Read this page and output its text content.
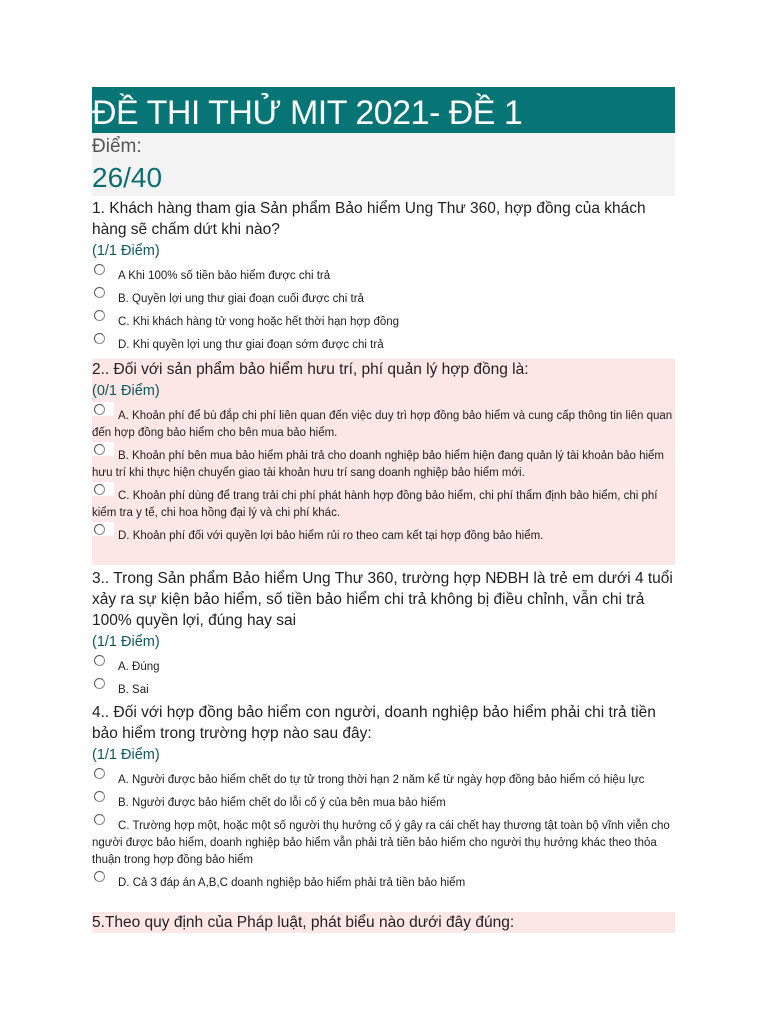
ĐỀ THI THỬ MIT 2021- ĐỀ 1
Điểm:
26/40
1. Khách hàng tham gia Sản phẩm Bảo hiểm Ung Thư 360, hợp đồng của khách hàng sẽ chấm dứt khi nào?
(1/1 Điểm)
A Khi 100% số tiền bảo hiểm được chi trả
B. Quyền lợi ung thư giai đoạn cuối được chi trả
C. Khi khách hàng tử vong hoặc hết thời hạn hợp đồng
D. Khi quyền lợi ung thư giai đoạn sớm được chi trả
2.. Đối với sản phẩm bảo hiểm hưu trí, phí quản lý hợp đồng là:
(0/1 Điểm)
A. Khoản phí để bù đắp chi phí liên quan đến việc duy trì hợp đồng bảo hiểm và cung cấp thông tin liên quan đến hợp đồng bảo hiểm cho bên mua bảo hiểm.
B. Khoản phí bên mua bảo hiểm phải trả cho doanh nghiệp bảo hiểm hiện đang quản lý tài khoản bảo hiểm hưu trí khi thực hiện chuyển giao tài khoản hưu trí sang doanh nghiệp bảo hiểm mới.
C. Khoản phí dùng để trang trải chi phí phát hành hợp đồng bảo hiểm, chi phí thẩm định bảo hiểm, chi phí kiểm tra y tế, chi hoa hồng đại lý và chi phí khác.
D. Khoản phí đối với quyền lợi bảo hiểm rủi ro theo cam kết tại hợp đồng bảo hiểm.
3.. Trong Sản phẩm Bảo hiểm Ung Thư 360, trường hợp NĐBH là trẻ em dưới 4 tuổi xảy ra sự kiện bảo hiểm, số tiền bảo hiểm chi trả không bị điều chỉnh, vẫn chi trả 100% quyền lợi, đúng hay sai
(1/1 Điểm)
A. Đúng
B. Sai
4.. Đối với hợp đồng bảo hiểm con người, doanh nghiệp bảo hiểm phải chi trả tiền bảo hiểm trong trường hợp nào sau đây:
(1/1 Điểm)
A. Người được bảo hiểm chết do tự tử trong thời hạn 2 năm kể từ ngày hợp đồng bảo hiểm có hiệu lực
B. Người được bảo hiểm chết do lỗi cố ý của bên mua bảo hiểm
C. Trường hợp một, hoặc một số người thụ hưởng cố ý gây ra cái chết hay thương tật toàn bộ vĩnh viễn cho người được bảo hiểm, doanh nghiệp bảo hiểm vẫn phải trả tiền bảo hiểm cho người thụ hưởng khác theo thỏa thuận trong hợp đồng bảo hiểm
D. Cả 3 đáp án A,B,C doanh nghiệp bảo hiểm phải trả tiền bảo hiểm
5.Theo quy định của Pháp luật, phát biểu nào dưới đây đúng:
